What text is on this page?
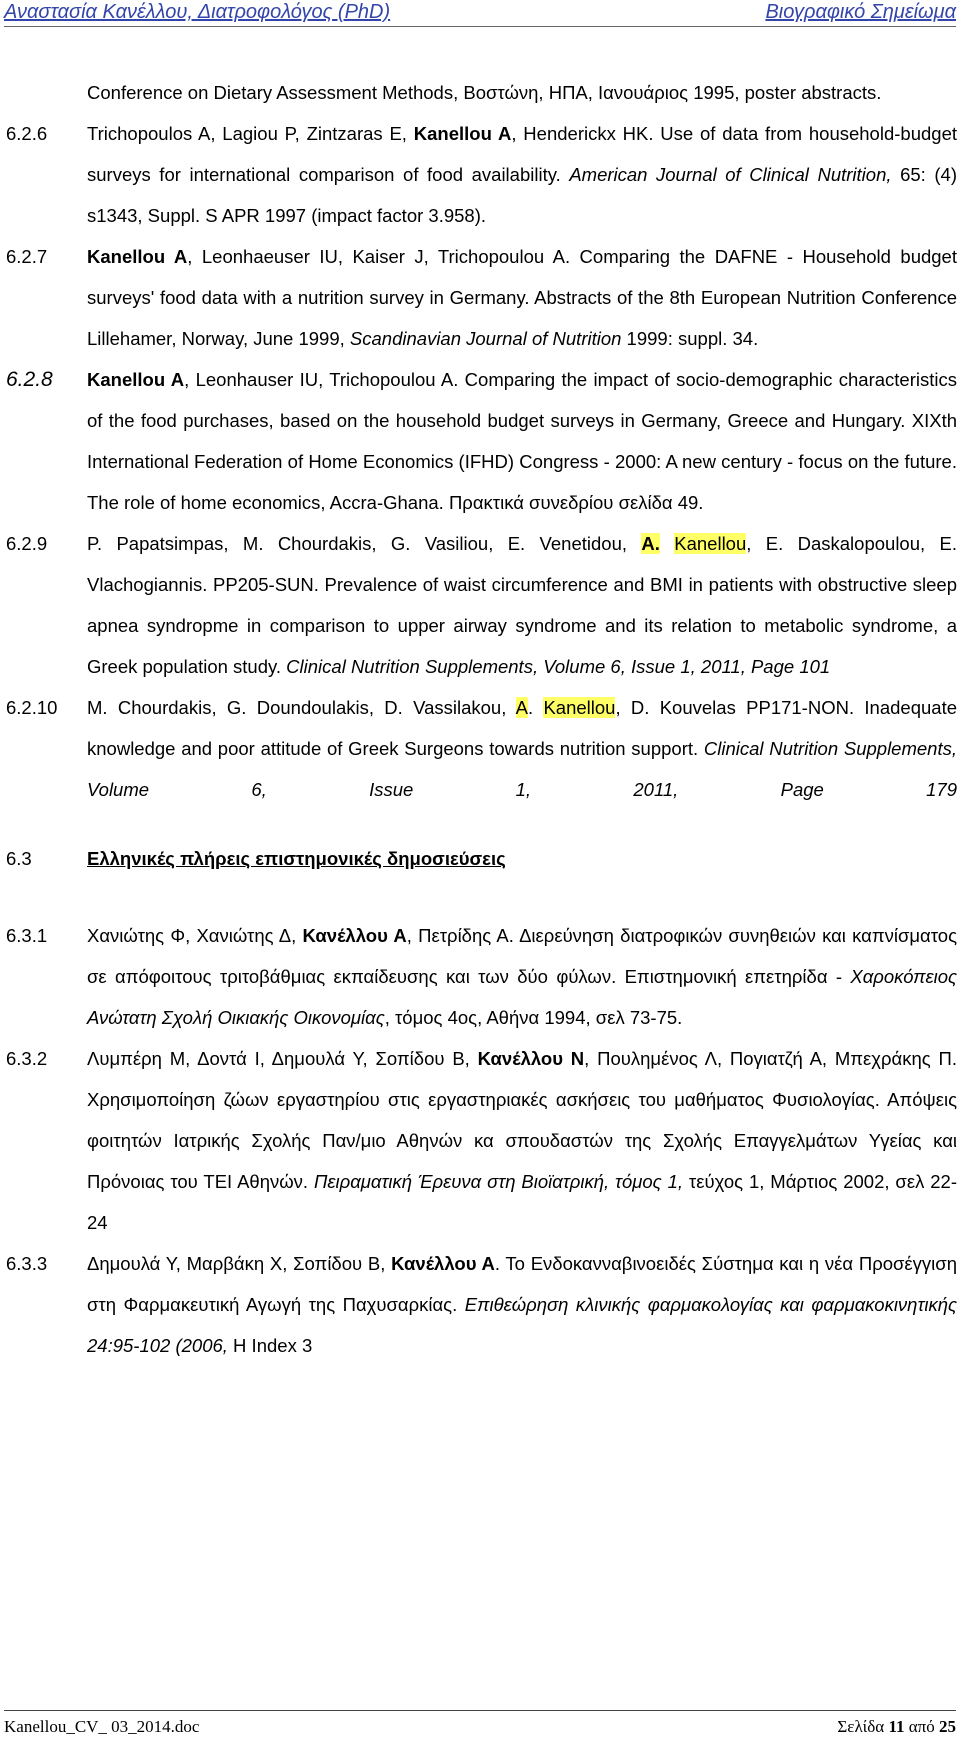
Αναστασία Κανέλλου, Διατροφολόγος (PhD)	Βιογραφικό Σημείωμα
Conference on Dietary Assessment Methods, Βοστώνη, ΗΠΑ, Ιανουάριος 1995, poster abstracts.
6.2.6	Trichopoulos A, Lagiou P, Zintzaras E, Kanellou A, Henderickx HK. Use of data from household-budget surveys for international comparison of food availability. American Journal of Clinical Nutrition, 65: (4) s1343, Suppl. S APR 1997 (impact factor 3.958).
6.2.7	Kanellou A, Leonhaeuser IU, Kaiser J, Trichopoulou A. Comparing the DAFNE - Household budget surveys' food data with a nutrition survey in Germany. Abstracts of the 8th European Nutrition Conference Lillehamer, Norway, June 1999, Scandinavian Journal of Nutrition 1999: suppl. 34.
6.2.8	Kanellou A, Leonhauser IU, Trichopoulou A. Comparing the impact of socio-demographic characteristics of the food purchases, based on the household budget surveys in Germany, Greece and Hungary. XIXth International Federation of Home Economics (IFHD) Congress - 2000: A new century - focus on the future. The role of home economics, Accra-Ghana. Πρακτικά συνεδρίου σελίδα 49.
6.2.9	P. Papatsimpas, M. Chourdakis, G. Vasiliou, E. Venetidou, A. Kanellou, E. Daskalopoulou, E. Vlachogiannis. PP205-SUN. Prevalence of waist circumference and BMI in patients with obstructive sleep apnea syndropme in comparison to upper airway syndrome and its relation to metabolic syndrome, a Greek population study. Clinical Nutrition Supplements, Volume 6, Issue 1, 2011, Page 101
6.2.10	M. Chourdakis, G. Doundoulakis, D. Vassilakou, A. Kanellou, D. Kouvelas PP171-NON. Inadequate knowledge and poor attitude of Greek Surgeons towards nutrition support. Clinical Nutrition Supplements, Volume 6, Issue 1, 2011, Page 179
6.3	Ελληνικές πλήρεις επιστημονικές δημοσιεύσεις
6.3.1	Χανιώτης Φ, Χανιώτης Δ, Κανέλλου Α, Πετρίδης Α. Διερεύνηση διατροφικών συνηθειών και καπνίσματος σε απόφοιτους τριτοβάθμιας εκπαίδευσης και των δύο φύλων. Επιστημονική επετηρίδα - Χαροκόπειος Ανώτατη Σχολή Οικιακής Οικονομίας, τόμος 4ος, Αθήνα 1994, σελ 73-75.
6.3.2	Λυμπέρη Μ, Δοντά Ι, Δημουλά Υ, Σοπίδου Β, Κανέλλου Ν, Πουλημένος Λ, Πογιατζή Α, Μπεχράκης Π. Χρησιμοποίηση ζώων εργαστηρίου στις εργαστηριακές ασκήσεις του μαθήματος Φυσιολογίας. Απόψεις φοιτητών Ιατρικής Σχολής Παν/μιο Αθηνών κα σπουδαστών της Σχολής Επαγγελμάτων Υγείας και Πρόνοιας του ΤΕΙ Αθηνών. Πειραματική Έρευνα στη Βιοϊατρική, τόμος 1, τεύχος 1, Μάρτιος 2002, σελ 22-24
6.3.3	Δημουλά Υ, Μαρβάκη Χ, Σοπίδου Β, Κανέλλου Α. Το Ενδοκανναβινοειδές Σύστημα και η νέα Προσέγγιση στη Φαρμακευτική Αγωγή της Παχυσαρκίας. Επιθεώρηση κλινικής φαρμακολογίας και φαρμακοκινητικής 24:95-102 (2006, Η Index 3
Kanellou_CV_ 03_2014.doc	Σελίδα 11 από 25
